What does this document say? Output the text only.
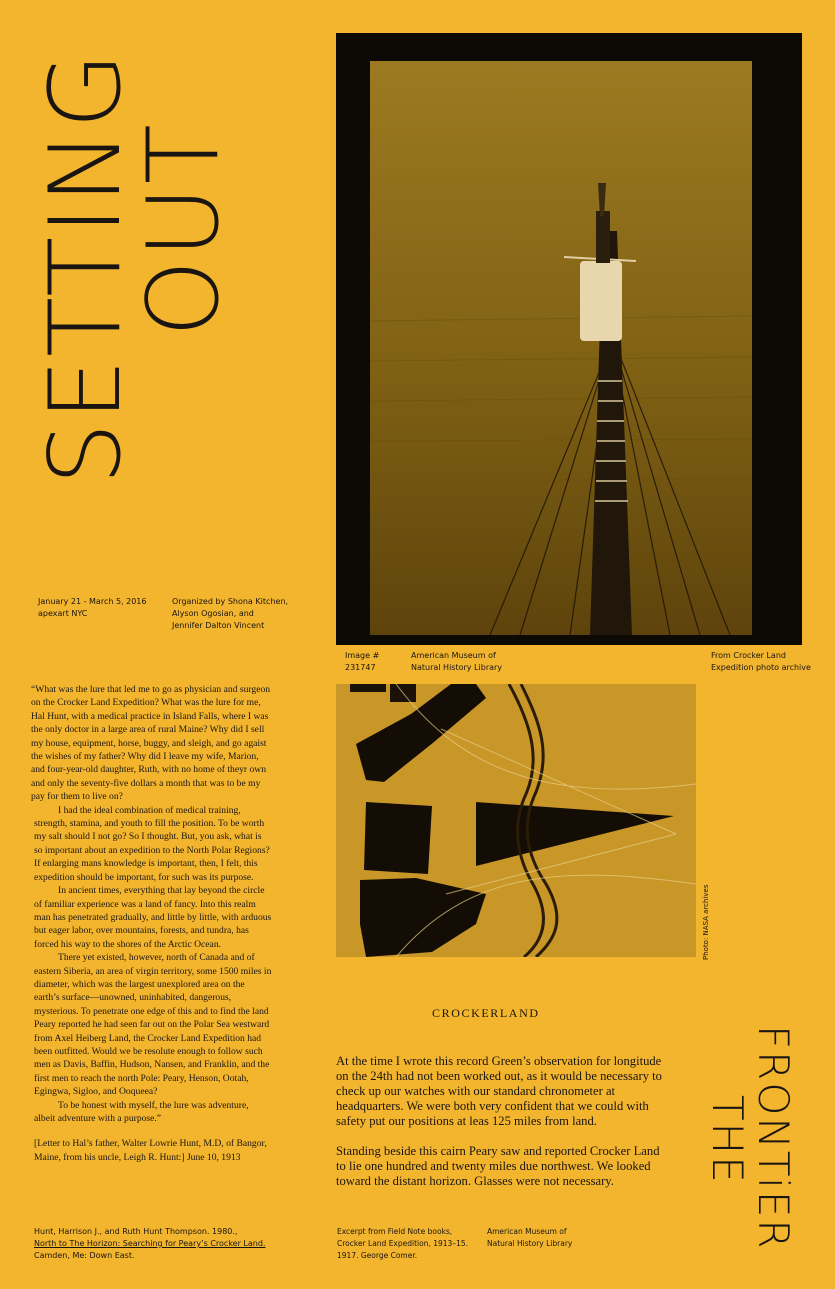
SETTING
OUT
January 21 - March 5, 2016
apexart NYC
Organized by Shona Kitchen,
Alyson Ogosian, and
Jennifer Dalton Vincent
Image #
231747
American Museum of
Natural History Library
From Crocker Land
Expedition photo archive
Photo: NASA archives

“What was the lure that led me to go as physician and surgeon on the Crocker Land Expedition? What was the lure for me, Hal Hunt, with a medical practice in Island Falls, where I was the only doctor in a large area of rural Maine? Why did I sell my house, equipment, horse, buggy, and sleigh, and go agaist the wishes of my father? Why did I leave my wife, Marion, and four-year-old daughter, Ruth, with no home of theyr own and only the seventy-five dollars a month that was to be my pay for them to live on?

I had the ideal combination of medical training, strength, stamina, and youth to fill the position. To be worth my salt should I not go? So I thought. But, you ask, what is so important about an expedition to the North Polar Regions? If enlarging mans knowledge is important, then, I felt, this expedition should be important, for such was its purpose.

In ancient times, everything that lay beyond the circle of familiar experience was a land of fancy. Into this realm man has penetrated gradually, and little by little, with arduous but eager labor, over mountains, forests, and tundra, has forced his way to the shores of the Arctic Ocean.

There yet existed, however, north of Canada and of eastern Siberia, an area of virgin territory, some 1500 miles in diameter, which was the largest unexplored area on the earth’s surface—unowned, uninhabited, dangerous, mysterious. To penetrate one edge of this and to find the land Peary reported he had seen far out on the Polar Sea westward from Axel Heiberg Land, the Crocker Land Expedition had been outfitted. Would we be resolute enough to follow such men as Davis, Baffin, Hudson, Nansen, and Franklin, and the first men to reach the north Pole: Peary, Henson, Ootah, Egingwa, Sigloo, and Ooqueea?

To be honest with myself, the lure was adventure, albeit adventure with a purpose.”

[Letter to Hal’s father, Walter Lowrie Hunt, M.D, of Bangor, Maine, from his uncle, Leigh R. Hunt:] June 10, 1913

Hunt, Harrison J., and Ruth Hunt Thompson. 1980.,
North to The Horizon: Searching for Peary’s Crocker Land.
Camden, Me: Down East.
CROCKERLAND

At the time I wrote this record Green’s observation for longitude on the 24th had not been worked out, as it would be necessary to check up our watches with our standard chronometer at headquarters. We were both very confident that we could with safety put our positions at leas 125 miles from land.

Standing beside this cairn Peary saw and reported Crocker Land to lie one hundred and twenty miles due northwest. We looked toward the distant horizon. Glasses were not necessary.

Excerpt from Field Note books,
Crocker Land Expedition, 1913–15.
1917. George Comer.
American Museum of
Natural History Library	FRONTiER
THE
